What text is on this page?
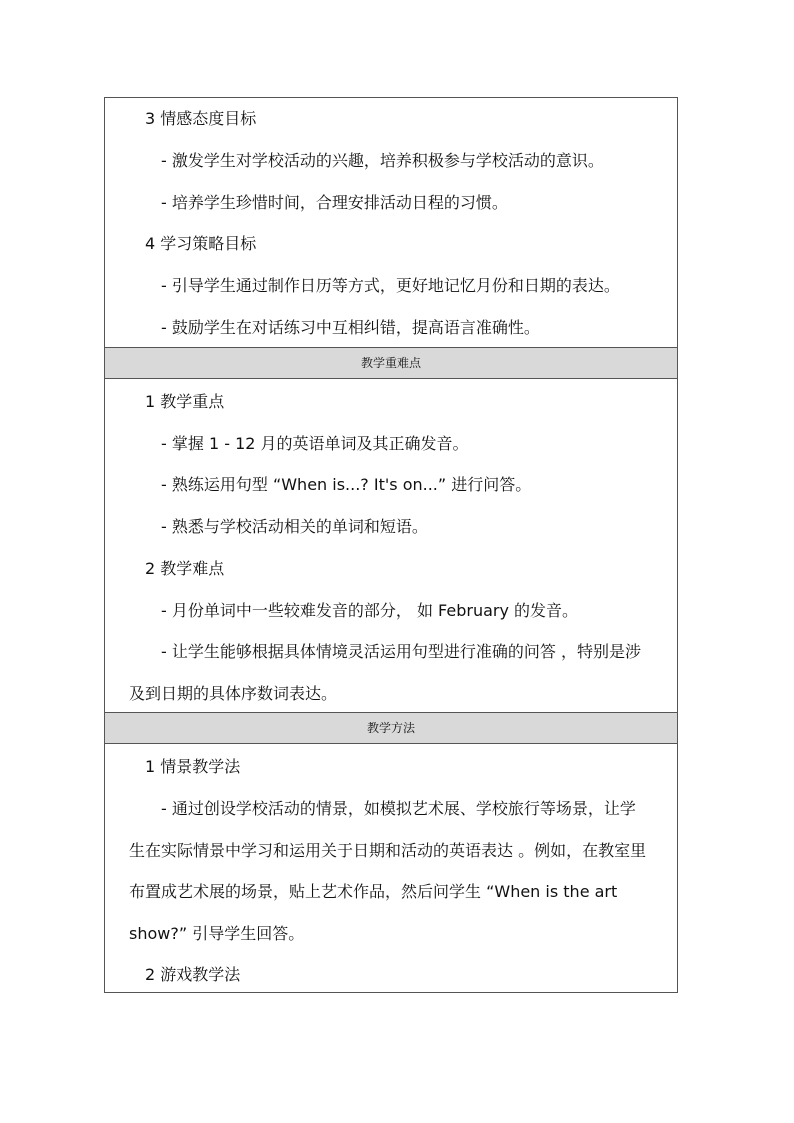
3 情感态度目标
- 激发学生对学校活动的兴趣，培养积极参与学校活动的意识。
- 培养学生珍惜时间，合理安排活动日程的习惯。
4 学习策略目标
- 引导学生通过制作日历等方式，更好地记忆月份和日期的表达。
- 鼓励学生在对话练习中互相纠错，提高语言准确性。
教学重难点
1 教学重点
- 掌握 1 - 12 月的英语单词及其正确发音。
- 熟练运用句型 “When is...? It's on...” 进行问答。
- 熟悉与学校活动相关的单词和短语。
2 教学难点
- 月份单词中一些较难发音的部分， 如 February 的发音。
- 让学生能够根据具体情境灵活运用句型进行准确的问答 ，特别是涉
及到日期的具体序数词表达。
教学方法
1 情景教学法
- 通过创设学校活动的情景，如模拟艺术展、学校旅行等场景，让学
生在实际情景中学习和运用关于日期和活动的英语表达 。例如，在教室里
布置成艺术展的场景，贴上艺术作品，然后问学生 “When is the art
show?” 引导学生回答。
2 游戏教学法
